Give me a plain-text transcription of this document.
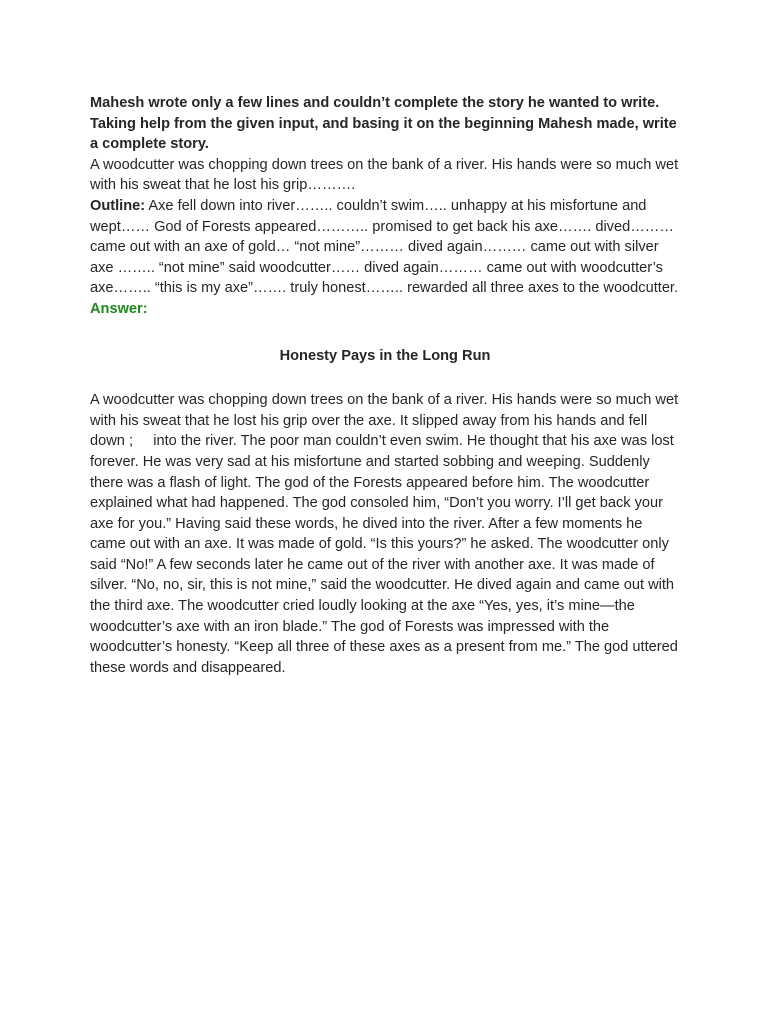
Mahesh wrote only a few lines and couldn’t complete the story he wanted to write. Taking help from the given input, and basing it on the beginning Mahesh made, write a complete story.

A woodcutter was chopping down trees on the bank of a river. His hands were so much wet with his sweat that he lost his grip……….

Outline: Axe fell down into river…….. couldn’t swim….. unhappy at his misfortune and wept…… God of Forests appeared……….. promised to get back his axe……. dived……… came out with an axe of gold… “not mine”……… dived again……… came out with silver axe …….. “not mine” said woodcutter…… dived again……… came out with woodcutter’s axe…….. “this is my axe”……. truly honest…….. rewarded all three axes to the woodcutter.

Answer:

Honesty Pays in the Long Run

A woodcutter was chopping down trees on the bank of a river. His hands were so much wet with his sweat that he lost his grip over the axe. It slipped away from his hands and fell down ;     into the river. The poor man couldn’t even swim. He thought that his axe was lost forever. He was very sad at his misfortune and started sobbing and weeping. Suddenly there was a flash of light. The god of the Forests appeared before him. The woodcutter explained what had happened. The god consoled him, “Don’t you worry. I’ll get back your axe for you.” Having said these words, he dived into the river. After a few moments he came out with an axe. It was made of gold. “Is this yours?” he asked. The woodcutter only said “No!” A few seconds later he came out of the river with another axe. It was made of silver. “No, no, sir, this is not mine,” said the woodcutter. He dived again and came out with the third axe. The woodcutter cried loudly looking at the axe “Yes, yes, it’s mine—the woodcutter’s axe with an iron blade.” The god of Forests was impressed with the woodcutter’s honesty. “Keep all three of these axes as a present from me.” The god uttered these words and disappeared.
